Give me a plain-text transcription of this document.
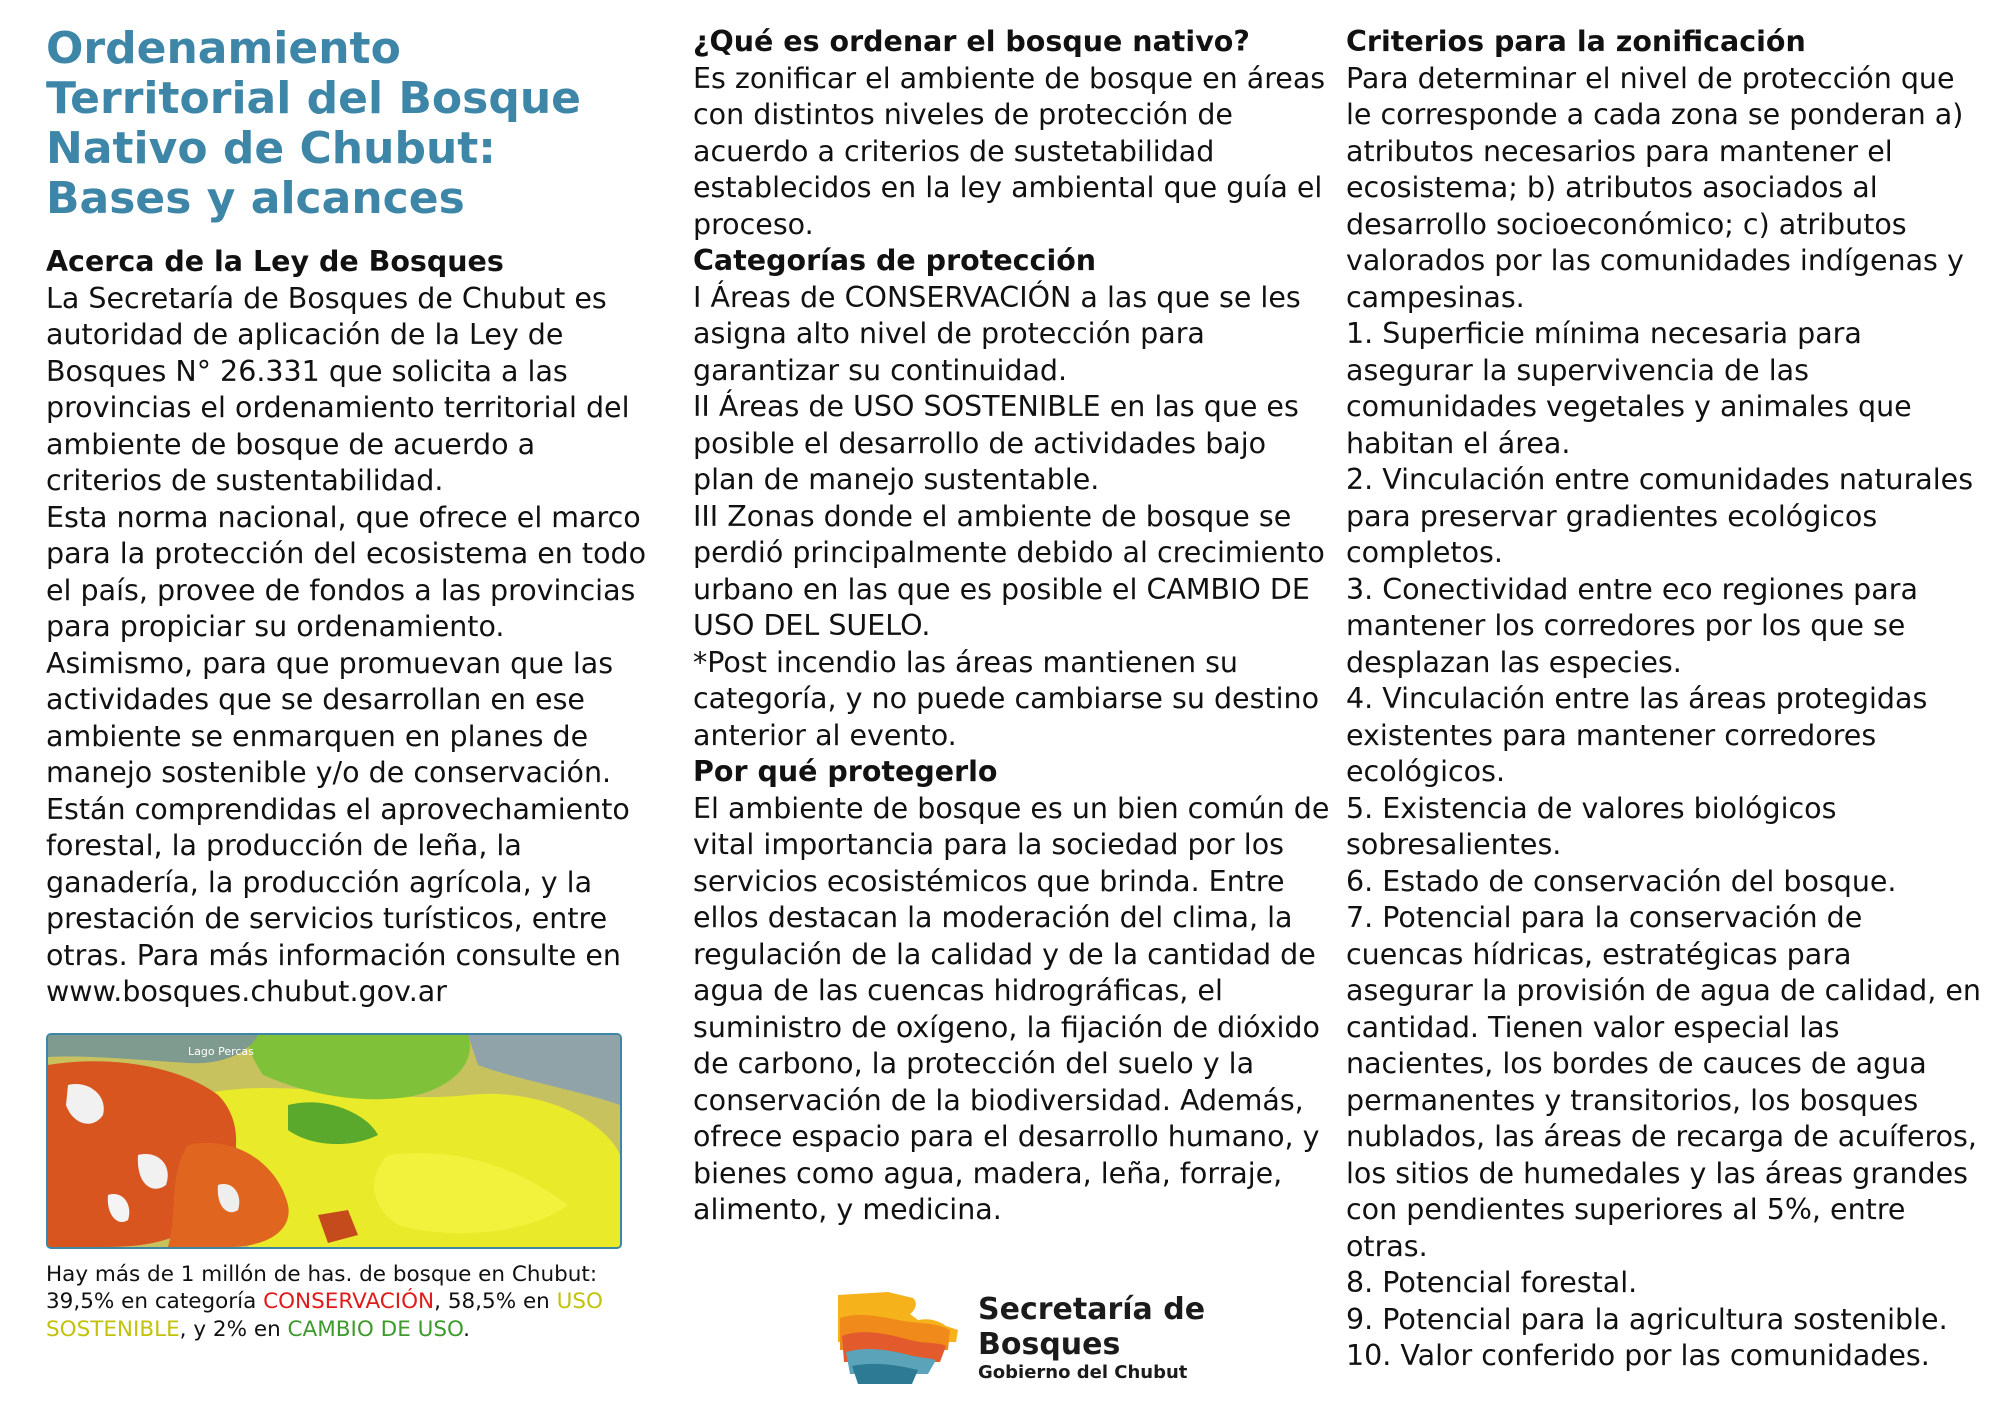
Ordenamiento
Territorial del Bosque
Nativo de Chubut:
Bases y alcances
Acerca de la Ley de Bosques

La Secretaría de Bosques de Chubut es autoridad de aplicación de la Ley de Bosques N° 26.331 que solicita a las provincias el ordenamiento territorial del ambiente de bosque de acuerdo a criterios de sustentabilidad.

Esta norma nacional, que ofrece el marco para la protección del ecosistema en todo el país, provee de fondos a las provincias para propiciar su ordenamiento. Asimismo, para que promuevan que las actividades que se desarrollan en ese ambiente se enmarquen en planes de manejo sostenible y/o de conservación. Están comprendidas el aprovechamiento forestal, la producción de leña, la ganadería, la producción agrícola, y la prestación de servicios turísticos, entre otras. Para más información consulte en www.bosques.chubut.gov.ar

Lago Percas
Hay más de 1 millón de has. de bosque en Chubut: 39,5% en categoría CONSERVACIÓN, 58,5% en USO SOSTENIBLE, y 2% en CAMBIO DE USO.
¿Qué es ordenar el bosque nativo?

Es zonificar el ambiente de bosque en áreas con distintos niveles de protección de acuerdo a criterios de sustetabilidad establecidos en la ley ambiental que guía el proceso.

Categorías de protección

I Áreas de CONSERVACIÓN a las que se les asigna alto nivel de protección para garantizar su continuidad.

II Áreas de USO SOSTENIBLE en las que es posible el desarrollo de actividades bajo plan de manejo sustentable.

III Zonas donde el ambiente de bosque se perdió principalmente debido al crecimiento urbano en las que es posible el CAMBIO DE USO DEL SUELO.

*Post incendio las áreas mantienen su categoría, y no puede cambiarse su destino anterior al evento.

Por qué protegerlo

El ambiente de bosque es un bien común de vital importancia para la sociedad por los servicios ecosistémicos que brinda. Entre ellos destacan la moderación del clima, la regulación de la calidad y de la cantidad de agua de las cuencas hidrográficas, el suministro de oxígeno, la fijación de dióxido de carbono, la protección del suelo y la conservación de la biodiversidad. Además, ofrece espacio para el desarrollo humano, y bienes como agua, madera, leña, forraje, alimento, y medicina.

Criterios para la zonificación

Para determinar el nivel de protección que le corresponde a cada zona se ponderan a) atributos necesarios para mantener el ecosistema; b) atributos asociados al desarrollo socioeconómico; c) atributos valorados por las comunidades indígenas y campesinas.

1. Superficie mínima necesaria para asegurar la supervivencia de las comunidades vegetales y animales que habitan el área.

2. Vinculación entre comunidades naturales para preservar gradientes ecológicos completos.

3. Conectividad entre eco regiones para mantener los corredores por los que se desplazan las especies.

4. Vinculación entre las áreas protegidas existentes para mantener corredores ecológicos.

5. Existencia de valores biológicos sobresalientes.

6. Estado de conservación del bosque.

7. Potencial para la conservación de cuencas hídricas, estratégicas para asegurar la provisión de agua de calidad, en cantidad. Tienen valor especial las nacientes, los bordes de cauces de agua permanentes y transitorios, los bosques nublados, las áreas de recarga de acuíferos, los sitios de humedales y las áreas grandes con pendientes superiores al 5%, entre otras.

8. Potencial forestal.

9. Potencial para la agricultura sostenible.

10. Valor conferido por las comunidades.

Secretaría de
Bosques
Gobierno del Chubut
